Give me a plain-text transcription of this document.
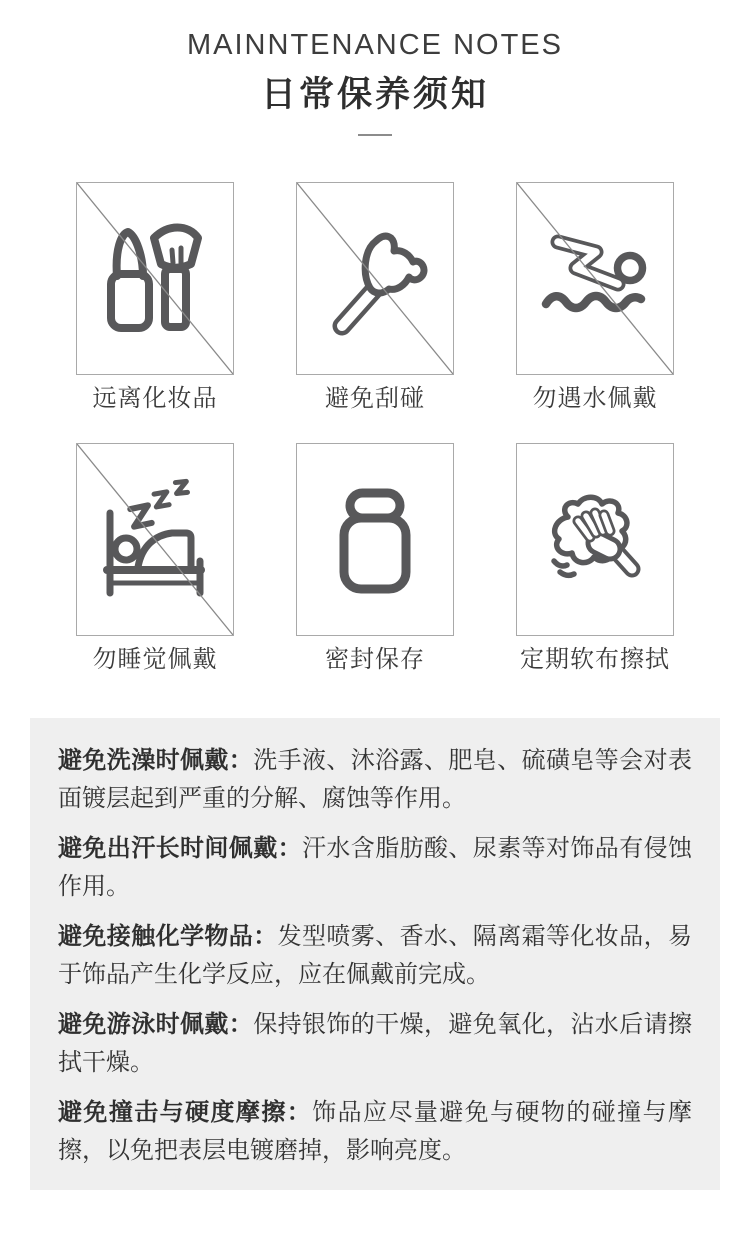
MAINNTENANCE NOTES
日常保养须知
远离化妆品	避免刮碰	勿遇水佩戴
勿睡觉佩戴	密封保存	定期软布擦拭

避免洗澡时佩戴：洗手液、沐浴露、肥皂、硫磺皂等会对表面镀层起到严重的分解、腐蚀等作用。

避免出汗长时间佩戴：汗水含脂肪酸、尿素等对饰品有侵蚀作用。

避免接触化学物品：发型喷雾、香水、隔离霜等化妆品，易于饰品产生化学反应，应在佩戴前完成。

避免游泳时佩戴：保持银饰的干燥，避免氧化，沾水后请擦拭干燥。

避免撞击与硬度摩擦：饰品应尽量避免与硬物的碰撞与摩擦，以免把表层电镀磨掉，影响亮度。
